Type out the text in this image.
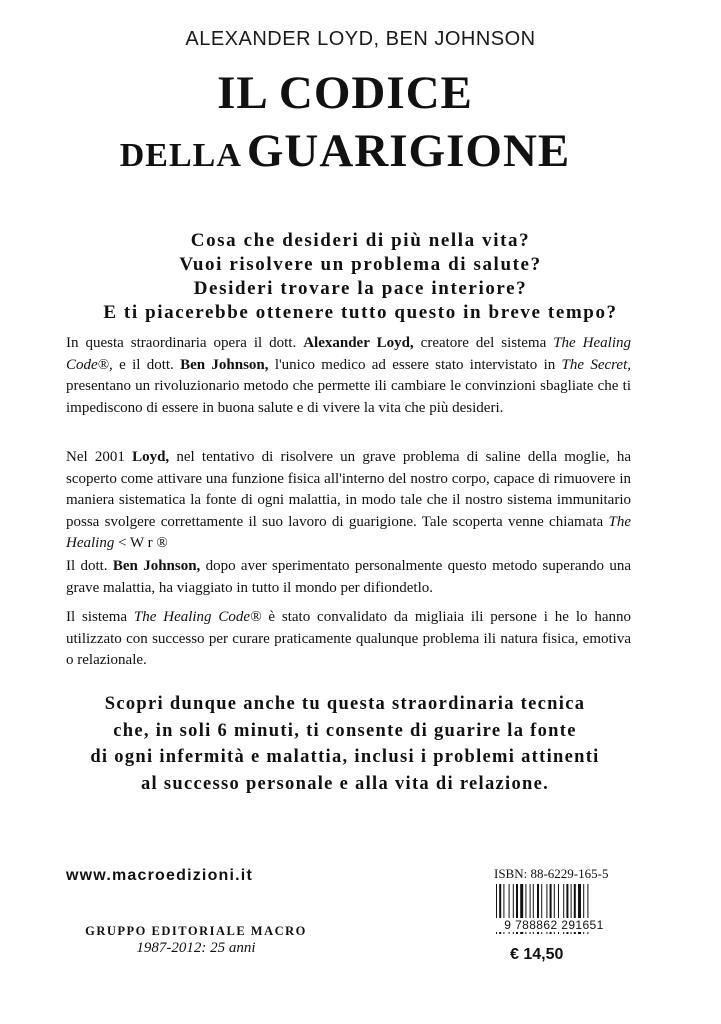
ALEXANDER LOYD, BEN JOHNSON
IL CODICE
DELLA GUARIGIONE
Cosa che desideri di più nella vita?
Vuoi risolvere un problema di salute?
Desideri trovare la pace interiore?
E ti piacerebbe ottenere tutto questo in breve tempo?

In questa straordinaria opera il dott. Alexander Loyd, creatore del sistema The Healing Code®, e il dott. Ben Johnson, l'unico medico ad essere stato intervistato in The Secret, presentano un rivoluzionario metodo che permette ili cambiare le convinzioni sbagliate che ti impediscono di essere in buona salute e di vivere la vita che più desideri.

Nel 2001 Loyd, nel tentativo di risolvere un grave problema di saline della moglie, ha scoperto come attivare una funzione fisica all'interno del nostro corpo, capace di rimuovere in maniera sistematica la fonte di ogni malattia, in modo tale che il nostro sistema immunitario possa svolgere correttamente il suo lavoro di guarigione. Tale scoperta venne chiamata The Healing < W r ®

Il dott. Ben Johnson, dopo aver sperimentato personalmente questo metodo superando una grave malattia, ha viaggiato in tutto il mondo per difiondetlo.

Il sistema The Healing Code® è stato convalidato da migliaia ili persone i he lo hanno utilizzato con successo per curare praticamente qualunque problema ili natura fisica, emotiva o relazionale.

Scopri dunque anche tu questa straordinaria tecnica
che, in soli 6 minuti, ti consente di guarire la fonte
di ogni infermità e malattia, inclusi i problemi attinenti
al successo personale e alla vita di relazione.
www.macroedizioni.it
GRUPPO EDITORIALE MACRO
1987-2012: 25 anni
ISBN: 88-6229-165-5
9 788862 291651
€ 14,50
